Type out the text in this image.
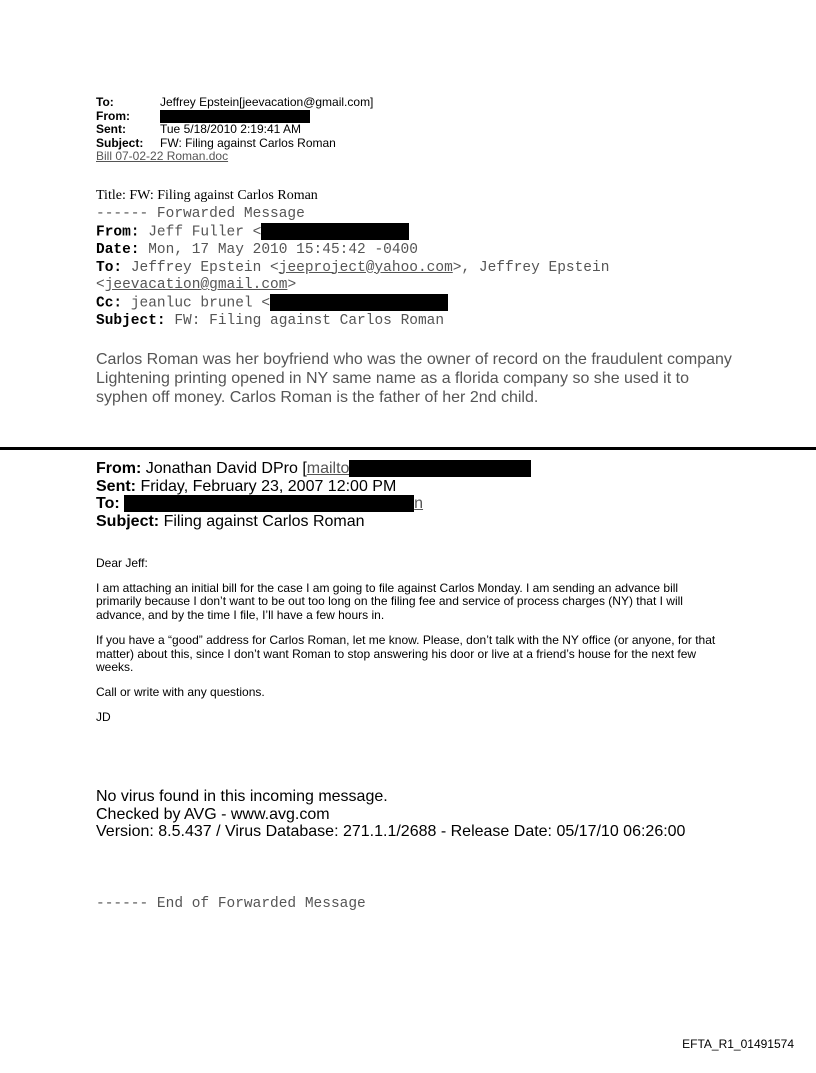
To:	Jeffrey Epstein[jeevacation@gmail.com]
From:
Sent:	Tue 5/18/2010 2:19:41 AM
Subject:	FW: Filing against Carlos Roman
Bill 07-02-22 Roman.doc
Title: FW: Filing against Carlos Roman
------ Forwarded Message
From: Jeff Fuller <
Date: Mon, 17 May 2010 15:45:42 -0400
To: Jeffrey Epstein <jeeproject@yahoo.com>, Jeffrey Epstein
<jeevacation@gmail.com>
Cc: jeanluc brunel <
Subject: FW: Filing against Carlos Roman
Carlos Roman was her boyfriend who was the owner of record on the fraudulent company Lightening printing opened in NY same name as a florida company so she used it to syphen off money. Carlos Roman is the father of her 2nd child.
From: Jonathan David DPro [mailto
Sent: Friday, February 23, 2007 12:00 PM
To:	n
Subject: Filing against Carlos Roman

Dear Jeff:

I am attaching an initial bill for the case I am going to file against Carlos Monday. I am sending an advance bill primarily because I don’t want to be out too long on the filing fee and service of process charges (NY) that I will advance, and by the time I file, I’ll have a few hours in.

If you have a “good” address for Carlos Roman, let me know. Please, don’t talk with the NY office (or anyone, for that matter) about this, since I don’t want Roman to stop answering his door or live at a friend’s house for the next few weeks.

Call or write with any questions.

JD

No virus found in this incoming message.
Checked by AVG - www.avg.com
Version: 8.5.437 / Virus Database: 271.1.1/2688 - Release Date: 05/17/10 06:26:00
------ End of Forwarded Message
EFTA_R1_01491574
